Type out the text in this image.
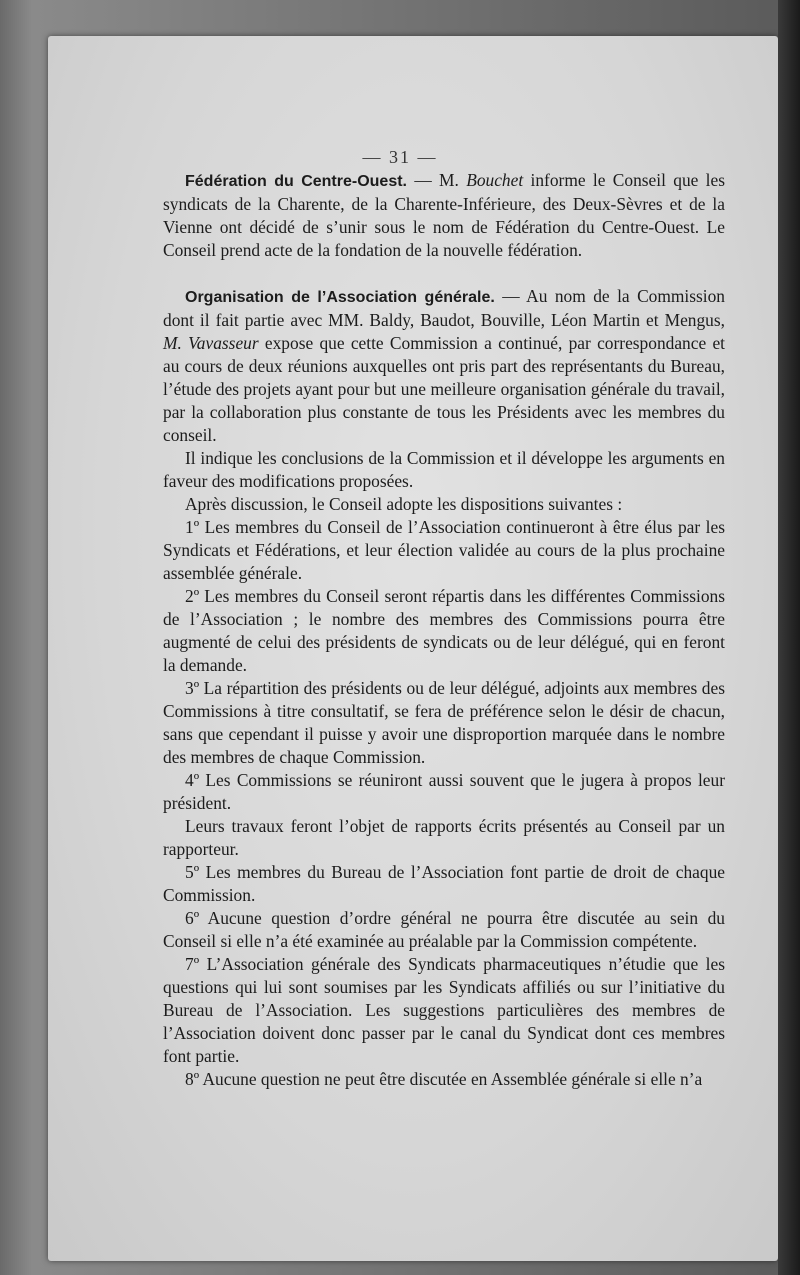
— 31 —

Fédération du Centre-Ouest. — M. Bouchet informe le Conseil que les syndicats de la Charente, de la Charente-Inférieure, des Deux-Sèvres et de la Vienne ont décidé de s’unir sous le nom de Fédération du Centre-Ouest. Le Conseil prend acte de la fondation de la nouvelle fédération.

Organisation de l’Association générale. — Au nom de la Commission dont il fait partie avec MM. Baldy, Baudot, Bouville, Léon Martin et Mengus, M. Vavasseur expose que cette Commission a continué, par correspondance et au cours de deux réunions auxquelles ont pris part des représentants du Bureau, l’étude des projets ayant pour but une meilleure organisation générale du travail, par la collaboration plus constante de tous les Présidents avec les membres du conseil.

Il indique les conclusions de la Commission et il développe les arguments en faveur des modifications proposées.

Après discussion, le Conseil adopte les dispositions suivantes :

1º Les membres du Conseil de l’Association continueront à être élus par les Syndicats et Fédérations, et leur élection validée au cours de la plus prochaine assemblée générale.

2º Les membres du Conseil seront répartis dans les différentes Commissions de l’Association ; le nombre des membres des Commissions pourra être augmenté de celui des présidents de syndicats ou de leur délégué, qui en feront la demande.

3º La répartition des présidents ou de leur délégué, adjoints aux membres des Commissions à titre consultatif, se fera de préférence selon le désir de chacun, sans que cependant il puisse y avoir une disproportion marquée dans le nombre des membres de chaque Commission.

4º Les Commissions se réuniront aussi souvent que le jugera à propos leur président.

Leurs travaux feront l’objet de rapports écrits présentés au Conseil par un rapporteur.

5º Les membres du Bureau de l’Association font partie de droit de chaque Commission.

6º Aucune question d’ordre général ne pourra être discutée au sein du Conseil si elle n’a été examinée au préalable par la Commission compétente.

7º L’Association générale des Syndicats pharmaceutiques n’étudie que les questions qui lui sont soumises par les Syndicats affiliés ou sur l’initiative du Bureau de l’Association. Les suggestions particulières des membres de l’Association doivent donc passer par le canal du Syndicat dont ces membres font partie.

8º Aucune question ne peut être discutée en Assemblée générale si elle n’a
